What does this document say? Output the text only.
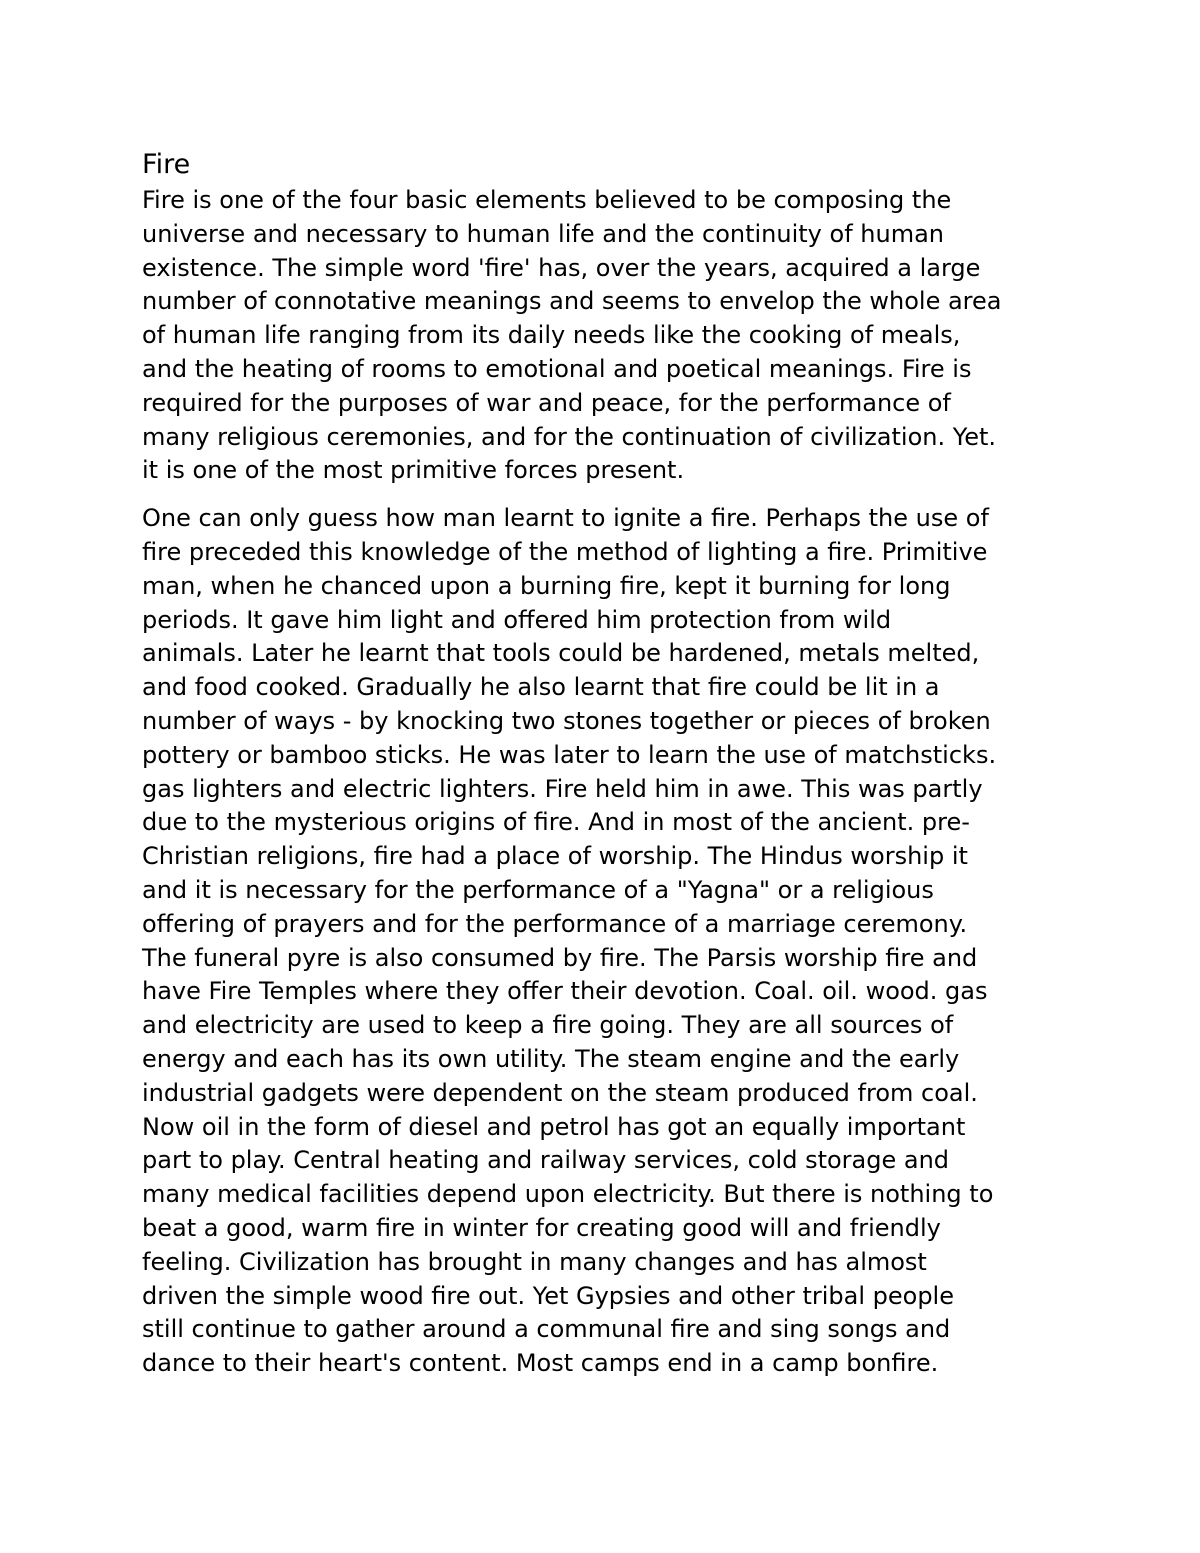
Fire

Fire is one of the four basic elements believed to be composing the
universe and necessary to human life and the continuity of human
existence. The simple word 'fire' has, over the years, acquired a large
number of connotative meanings and seems to envelop the whole area
of human life ranging from its daily needs like the cooking of meals,
and the heating of rooms to emotional and poetical meanings. Fire is
required for the purposes of war and peace, for the performance of
many religious ceremonies, and for the continuation of civilization. Yet.
it is one of the most primitive forces present.

One can only guess how man learnt to ignite a fire. Perhaps the use of
fire preceded this knowledge of the method of lighting a fire. Primitive
man, when he chanced upon a burning fire, kept it burning for long
periods. It gave him light and offered him protection from wild
animals. Later he learnt that tools could be hardened, metals melted,
and food cooked. Gradually he also learnt that fire could be lit in a
number of ways - by knocking two stones together or pieces of broken
pottery or bamboo sticks. He was later to learn the use of matchsticks.
gas lighters and electric lighters. Fire held him in awe. This was partly
due to the mysterious origins of fire. And in most of the ancient. pre-
Christian religions, fire had a place of worship. The Hindus worship it
and it is necessary for the performance of a "Yagna" or a religious
offering of prayers and for the performance of a marriage ceremony.
The funeral pyre is also consumed by fire. The Parsis worship fire and
have Fire Temples where they offer their devotion. Coal. oil. wood. gas
and electricity are used to keep a fire going. They are all sources of
energy and each has its own utility. The steam engine and the early
industrial gadgets were dependent on the steam produced from coal.
Now oil in the form of diesel and petrol has got an equally important
part to play. Central heating and railway services, cold storage and
many medical facilities depend upon electricity. But there is nothing to
beat a good, warm fire in winter for creating good will and friendly
feeling. Civilization has brought in many changes and has almost
driven the simple wood fire out. Yet Gypsies and other tribal people
still continue to gather around a communal fire and sing songs and
dance to their heart's content. Most camps end in a camp bonfire.
